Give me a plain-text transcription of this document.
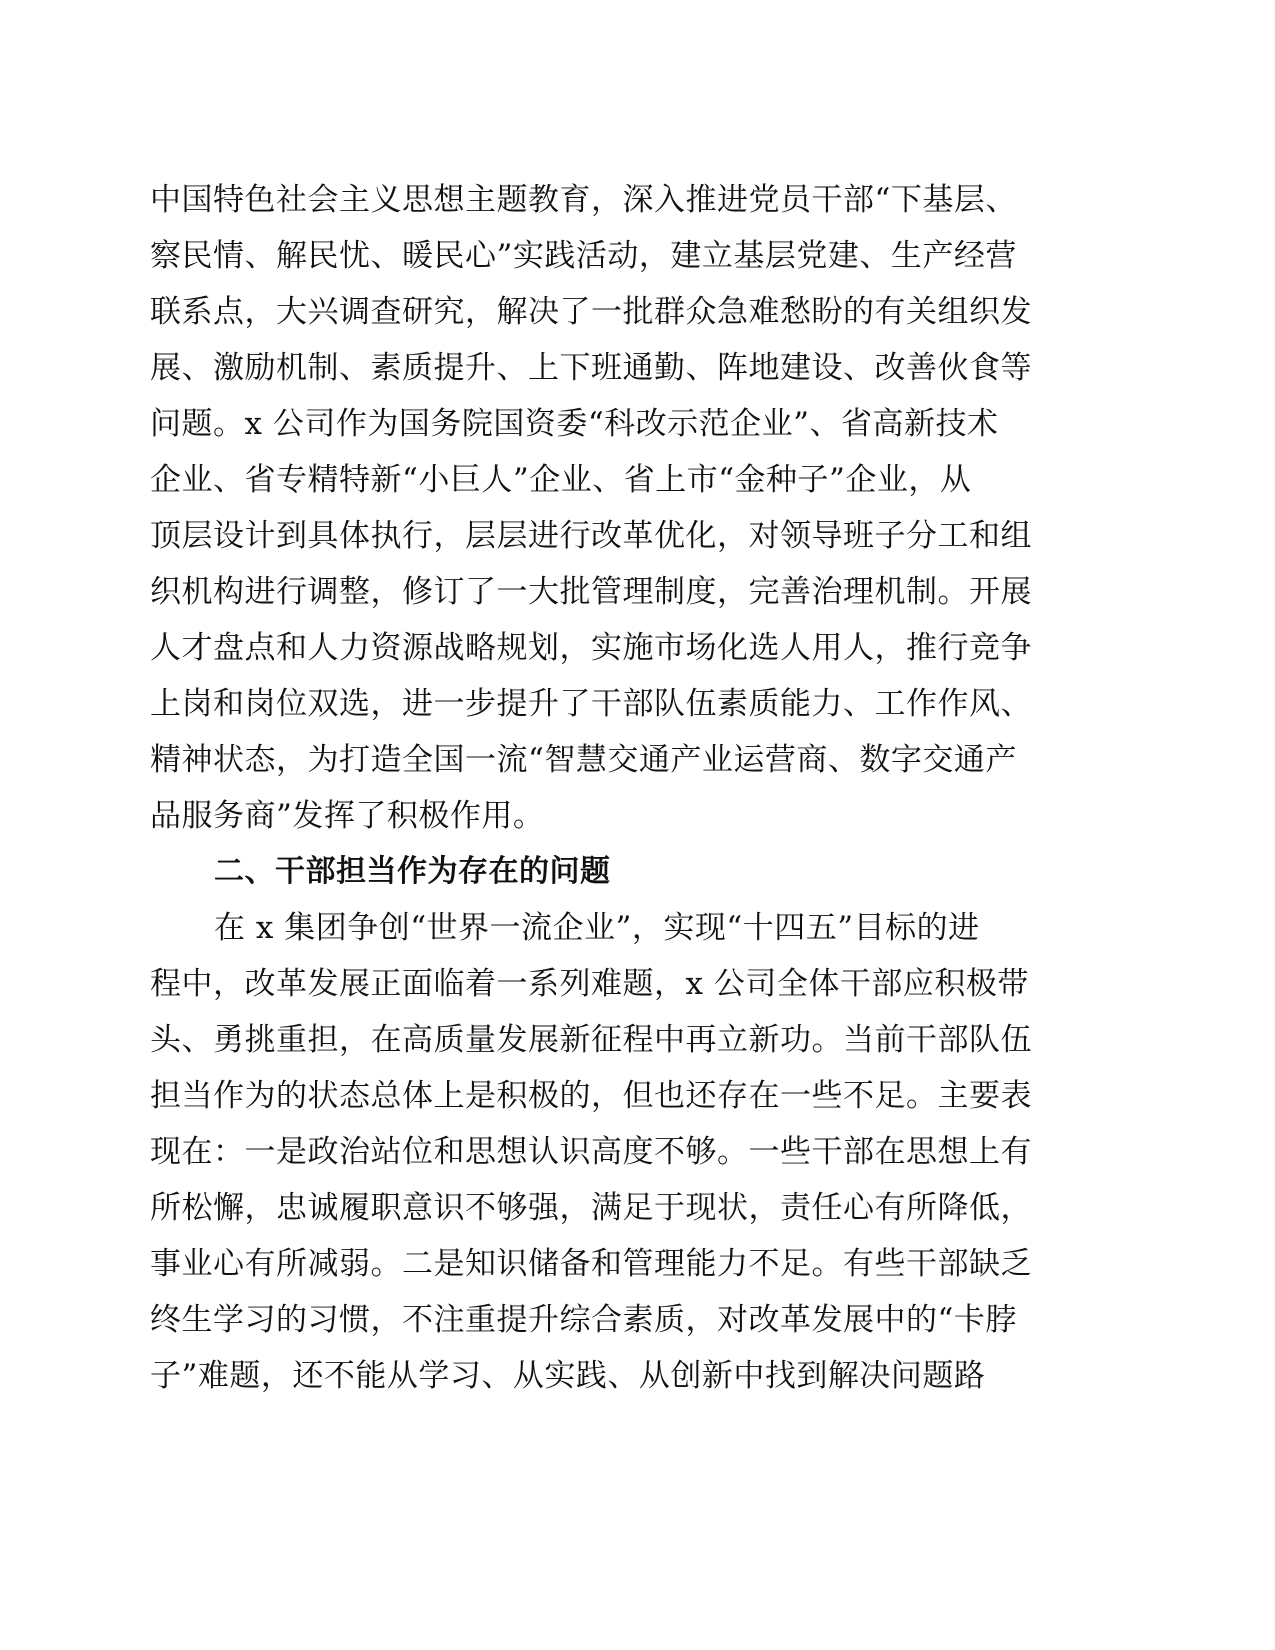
中国特色社会主义思想主题教育，深入推进党员干部“下基层、
察民情、解民忧、暖民心”实践活动，建立基层党建、生产经营
联系点，大兴调查研究，解决了一批群众急难愁盼的有关组织发
展、激励机制、素质提升、上下班通勤、阵地建设、改善伙食等
问题。x 公司作为国务院国资委“科改示范企业”、省高新技术
企业、省专精特新“小巨人”企业、省上市“金种子”企业，从
顶层设计到具体执行，层层进行改革优化，对领导班子分工和组
织机构进行调整，修订了一大批管理制度，完善治理机制。开展
人才盘点和人力资源战略规划，实施市场化选人用人，推行竞争
上岗和岗位双选，进一步提升了干部队伍素质能力、工作作风、
精神状态，为打造全国一流“智慧交通产业运营商、数字交通产
品服务商”发挥了积极作用。
二、干部担当作为存在的问题
在 x 集团争创“世界一流企业”，实现“十四五”目标的进
程中，改革发展正面临着一系列难题，x 公司全体干部应积极带
头、勇挑重担，在高质量发展新征程中再立新功。当前干部队伍
担当作为的状态总体上是积极的，但也还存在一些不足。主要表
现在：一是政治站位和思想认识高度不够。一些干部在思想上有
所松懈，忠诚履职意识不够强，满足于现状，责任心有所降低，
事业心有所减弱。二是知识储备和管理能力不足。有些干部缺乏
终生学习的习惯，不注重提升综合素质，对改革发展中的“卡脖
子”难题，还不能从学习、从实践、从创新中找到解决问题路
